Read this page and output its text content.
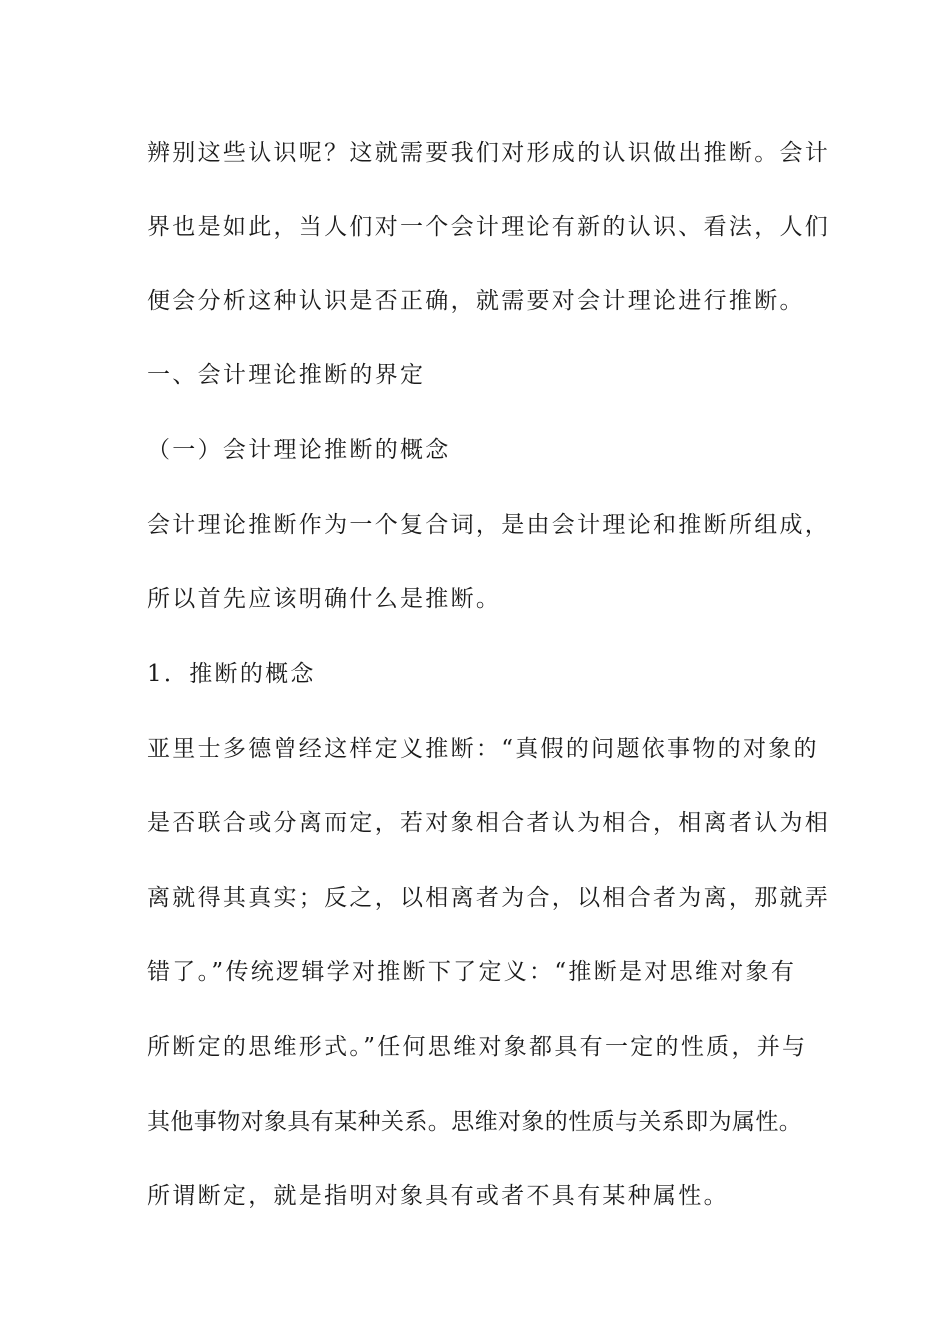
辨别这些认识呢？这就需要我们对形成的认识做出推断。会计
界也是如此，当人们对一个会计理论有新的认识、看法，人们
便会分析这种认识是否正确，就需要对会计理论进行推断。
一、会计理论推断的界定
（一）会计理论推断的概念
会计理论推断作为一个复合词，是由会计理论和推断所组成，
所以首先应该明确什么是推断。
1．推断的概念
亚里士多德曾经这样定义推断：“真假的问题依事物的对象的
是否联合或分离而定，若对象相合者认为相合，相离者认为相
离就得其真实；反之，以相离者为合，以相合者为离，那就弄
错了。”传统逻辑学对推断下了定义：“推断是对思维对象有
所断定的思维形式。”任何思维对象都具有一定的性质，并与
其他事物对象具有某种关系。思维对象的性质与关系即为属性。
所谓断定，就是指明对象具有或者不具有某种属性。
